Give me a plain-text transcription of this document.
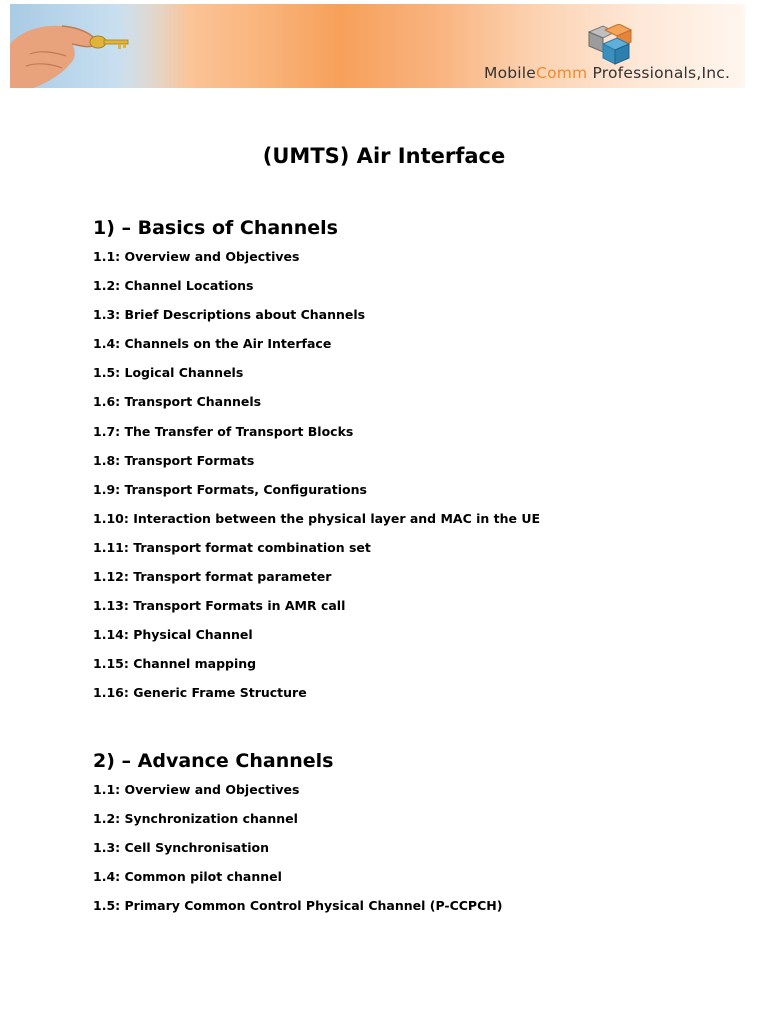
MobileComm Professionals,Inc.
(UMTS) Air Interface
1) – Basics of Channels
1.1: Overview and Objectives
1.2: Channel Locations
1.3: Brief Descriptions about Channels
1.4: Channels on the Air Interface
1.5: Logical Channels
1.6: Transport Channels
1.7: The Transfer of Transport Blocks
1.8: Transport Formats
1.9: Transport Formats, Configurations
1.10: Interaction between the physical layer and MAC in the UE
1.11: Transport format combination set
1.12: Transport format parameter
1.13: Transport Formats in AMR call
1.14: Physical Channel
1.15: Channel mapping
1.16: Generic Frame Structure
2) – Advance Channels
1.1: Overview and Objectives
1.2: Synchronization channel
1.3: Cell Synchronisation
1.4: Common pilot channel
1.5: Primary Common Control Physical Channel (P-CCPCH)
